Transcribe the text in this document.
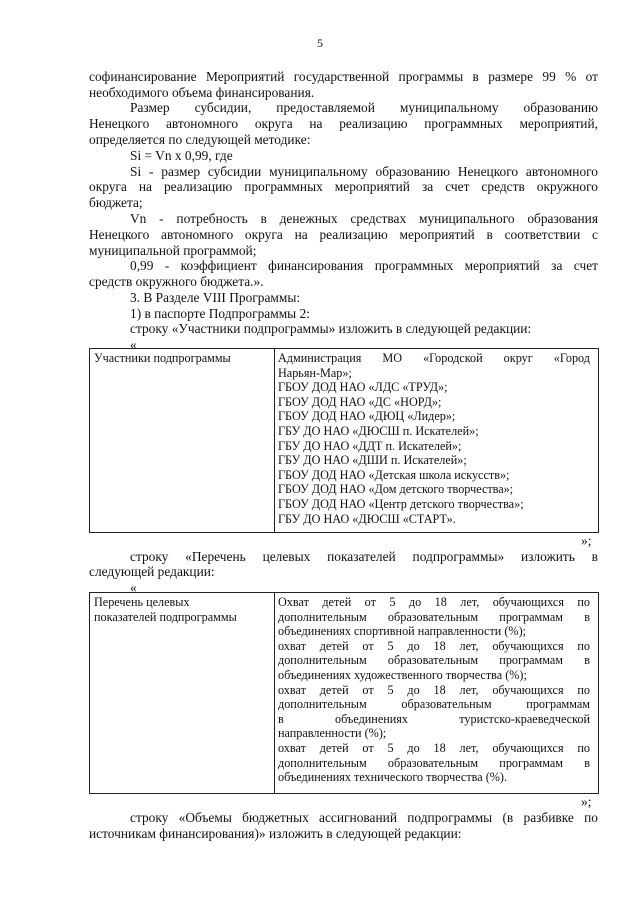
5
софинансирование Мероприятий государственной программы в размере 99 % от
необходимого объема финансирования.
Размер субсидии, предоставляемой муниципальному образованию
Ненецкого автономного округа на реализацию программных мероприятий,
определяется по следующей методике:
Si = Vn x 0,99, где
Si - размер субсидии муниципальному образованию Ненецкого автономного
округа на реализацию программных мероприятий за счет средств окружного
бюджета;
Vn - потребность в денежных средствах муниципального образования
Ненецкого автономного округа на реализацию мероприятий в соответствии с
муниципальной программой;
0,99 - коэффициент финансирования программных мероприятий за счет
средств окружного бюджета.».
3. В Разделе VIII Программы:
1) в паспорте Подпрограммы 2:
строку «Участники подпрограммы» изложить в следующей редакции:
«
Участники подпрограммы	Администрация МО «Городской округ «Город
Нарьян-Мар»;
ГБОУ ДОД НАО «ЛДС «ТРУД»;
ГБОУ ДОД НАО «ДС «НОРД»;
ГБОУ ДОД НАО «ДЮЦ «Лидер»;
ГБУ ДО НАО «ДЮСШ п. Искателей»;
ГБУ ДО НАО «ДДТ п. Искателей»;
ГБУ ДО НАО «ДШИ п. Искателей»;
ГБОУ ДОД НАО «Детская школа искусств»;
ГБОУ ДОД НАО «Дом детского творчества»;
ГБОУ ДОД НАО «Центр детского творчества»;
ГБУ ДО НАО «ДЮСШ «СТАРТ».
»;
строку «Перечень целевых показателей подпрограммы» изложить в
следующей редакции:
«
Перечень целевых
показателей подпрограммы
Охват детей от 5 до 18 лет, обучающихся по
дополнительным образовательным программам в
объединениях спортивной направленности (%);
охват детей от 5 до 18 лет, обучающихся по
дополнительным образовательным программам в
объединениях художественного творчества (%);
охват детей от 5 до 18 лет, обучающихся по
дополнительным образовательным программам
в объединениях туристско-краеведческой
направленности (%);
охват детей от 5 до 18 лет, обучающихся по
дополнительным образовательным программам в
объединениях технического творчества (%).
»;
строку «Объемы бюджетных ассигнований подпрограммы (в разбивке по
источникам финансирования)» изложить в следующей редакции:
